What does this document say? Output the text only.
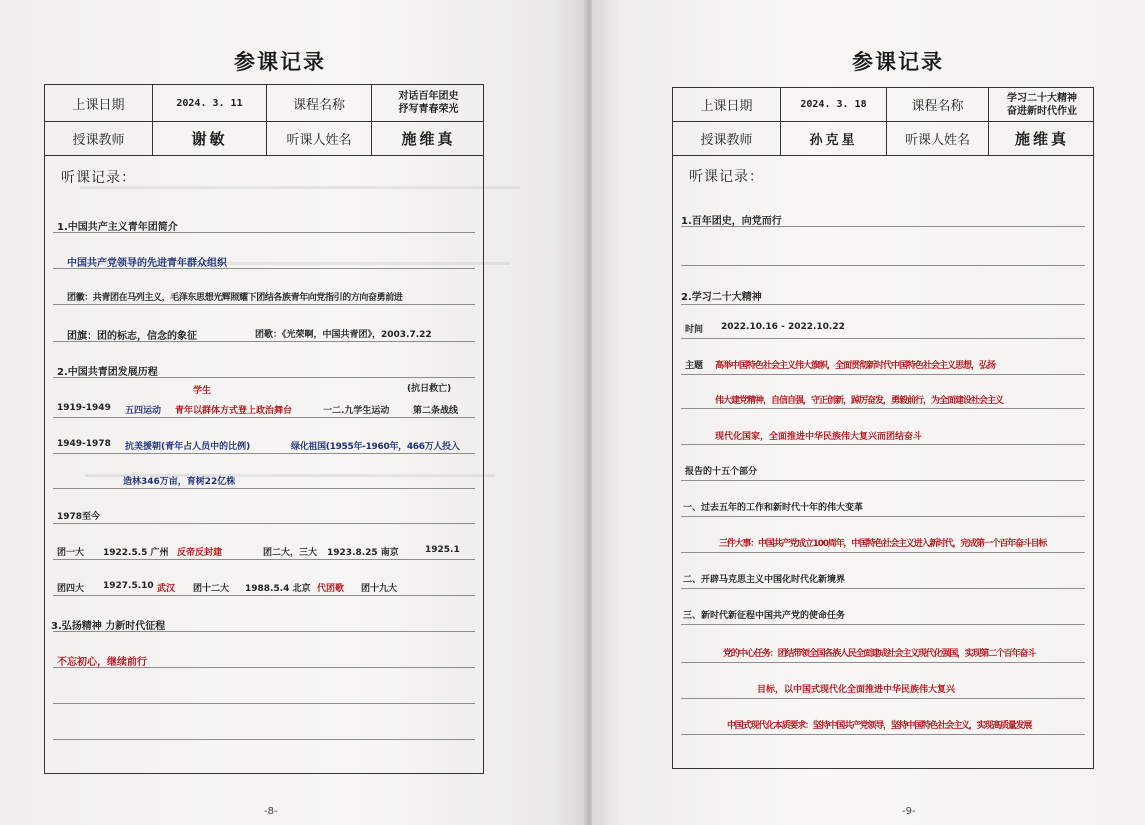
参课记录
上课日期	2024. 3. 11	课程名称
对话百年团史
抒写青春荣光
授课教师	谢敏	听课人姓名	施维真
听课记录：
1.中国共产主义青年团简介
中国共产党领导的先进青年群众组织
团徽：共青团在马列主义，毛泽东思想光辉照耀下团结各族青年向党指引的方向奋勇前进
团旗：团的标志，信念的象征	团歌：《光荣啊，中国共青团》，2003.7.22
2.中国共青团发展历程
学生	(抗日救亡)
1919-1949 五四运动 青年以群体方式登上政治舞台	一二.九学生运动	第二条战线
1949-1978 抗美援朝(青年占人员中的比例)	绿化祖国(1955年-1960年，466万人投入
造林346万亩，育树22亿株
1978至今
团一大 1922.5.5 广州 反帝反封建	团二大，三大 1923.8.25 南京	1925.1
团四大 1927.5.10 武汉 团十二大 1988.5.4 北京 代团歌 团十九大
3.弘扬精神 力新时代征程
不忘初心，继续前行
-8-
参课记录
上课日期	2024. 3. 18	课程名称
学习二十大精神
奋进新时代作业
授课教师	孙克星	听课人姓名	施维真
听课记录：
1.百年团史，向党而行
2.学习二十大精神
时间 2022.10.16 - 2022.10.22
主题 高举中国特色社会主义伟大旗帜，全面贯彻新时代中国特色社会主义思想，弘扬
伟大建党精神，自信自强，守正创新，踔厉奋发，勇毅前行，为全面建设社会主义
现代化国家，全面推进中华民族伟大复兴而团结奋斗
报告的十五个部分
一、过去五年的工作和新时代十年的伟大变革
三件大事：中国共产党成立100周年，中国特色社会主义进入新时代，完成第一个百年奋斗目标
二、开辟马克思主义中国化时代化新境界
三、新时代新征程中国共产党的使命任务
党的中心任务：团结带领全国各族人民全面建成社会主义现代化强国，实现第二个百年奋斗
目标，以中国式现代化全面推进中华民族伟大复兴
中国式现代化本质要求：坚持中国共产党领导，坚持中国特色社会主义，实现高质量发展
-9-
